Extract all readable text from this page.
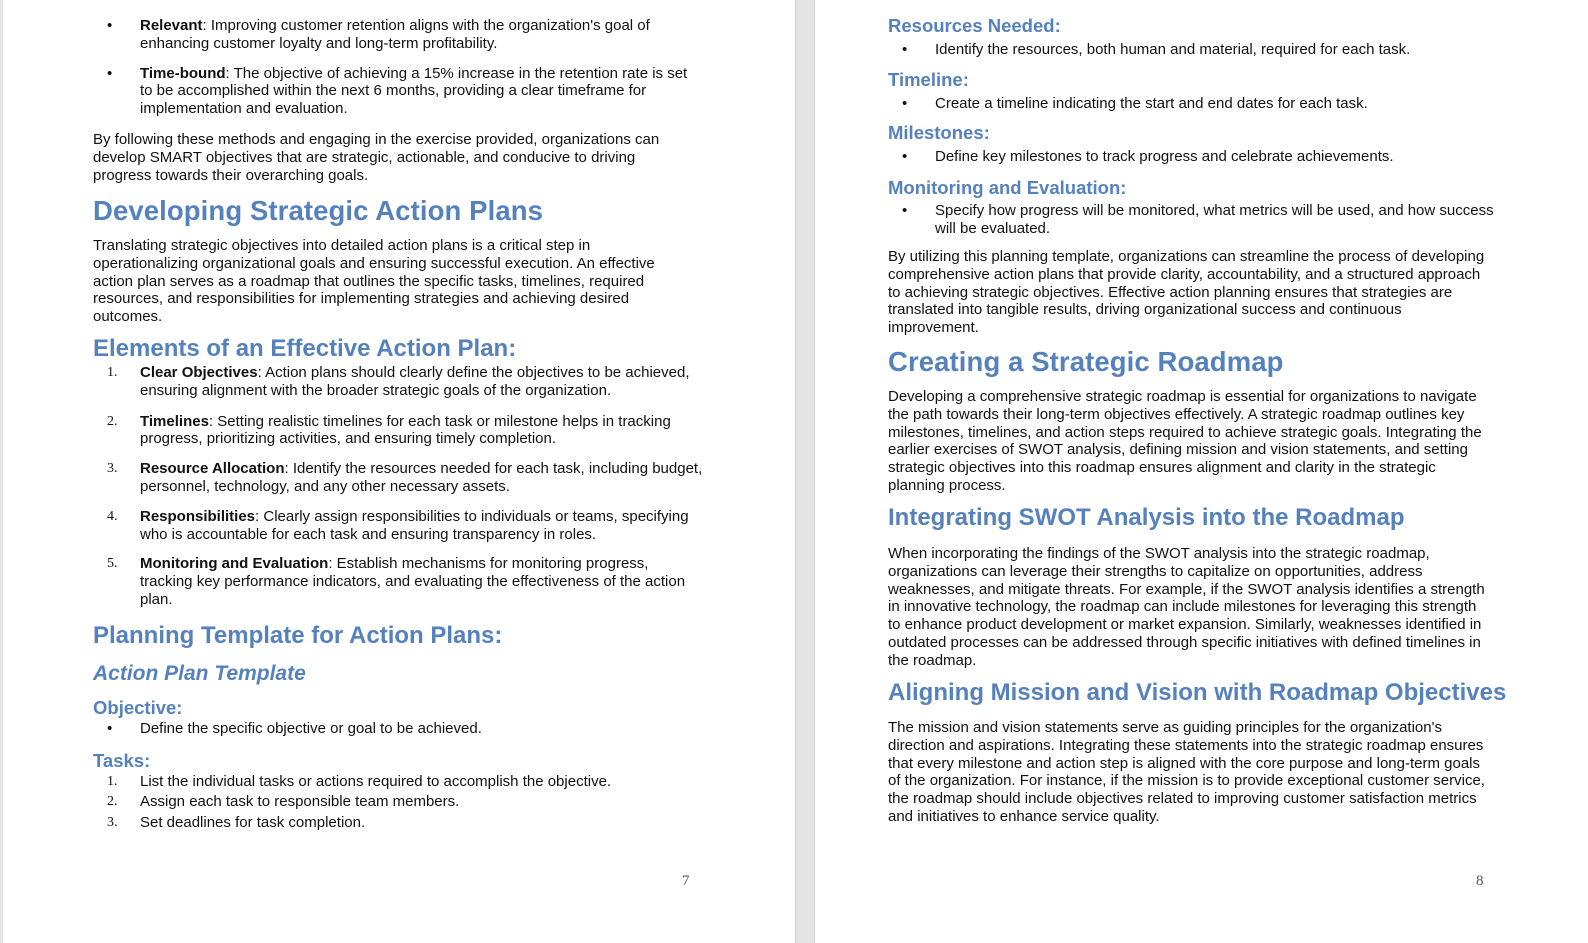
• Relevant: Improving customer retention aligns with the organization's goal of enhancing customer loyalty and long-term profitability.
• Time-bound: The objective of achieving a 15% increase in the retention rate is set to be accomplished within the next 6 months, providing a clear timeframe for implementation and evaluation.

By following these methods and engaging in the exercise provided, organizations can develop SMART objectives that are strategic, actionable, and conducive to driving progress towards their overarching goals.

Developing Strategic Action Plans

Translating strategic objectives into detailed action plans is a critical step in operationalizing organizational goals and ensuring successful execution. An effective action plan serves as a roadmap that outlines the specific tasks, timelines, required resources, and responsibilities for implementing strategies and achieving desired outcomes.

Elements of an Effective Action Plan:
1. Clear Objectives: Action plans should clearly define the objectives to be achieved, ensuring alignment with the broader strategic goals of the organization.
2. Timelines: Setting realistic timelines for each task or milestone helps in tracking progress, prioritizing activities, and ensuring timely completion.
3. Resource Allocation: Identify the resources needed for each task, including budget, personnel, technology, and any other necessary assets.
4. Responsibilities: Clearly assign responsibilities to individuals or teams, specifying who is accountable for each task and ensuring transparency in roles.
5. Monitoring and Evaluation: Establish mechanisms for monitoring progress, tracking key performance indicators, and evaluating the effectiveness of the action plan.
Planning Template for Action Plans:
Action Plan Template
Objective:
• Define the specific objective or goal to be achieved.
Tasks:
1. List the individual tasks or actions required to accomplish the objective.
2. Assign each task to responsible team members.
3. Set deadlines for task completion.
7
Resources Needed:
• Identify the resources, both human and material, required for each task.
Timeline:
• Create a timeline indicating the start and end dates for each task.
Milestones:
• Define key milestones to track progress and celebrate achievements.
Monitoring and Evaluation:
• Specify how progress will be monitored, what metrics will be used, and how success will be evaluated.

By utilizing this planning template, organizations can streamline the process of developing comprehensive action plans that provide clarity, accountability, and a structured approach to achieving strategic objectives. Effective action planning ensures that strategies are translated into tangible results, driving organizational success and continuous improvement.

Creating a Strategic Roadmap

Developing a comprehensive strategic roadmap is essential for organizations to navigate the path towards their long-term objectives effectively. A strategic roadmap outlines key milestones, timelines, and action steps required to achieve strategic goals. Integrating the earlier exercises of SWOT analysis, defining mission and vision statements, and setting strategic objectives into this roadmap ensures alignment and clarity in the strategic planning process.

Integrating SWOT Analysis into the Roadmap

When incorporating the findings of the SWOT analysis into the strategic roadmap, organizations can leverage their strengths to capitalize on opportunities, address weaknesses, and mitigate threats. For example, if the SWOT analysis identifies a strength in innovative technology, the roadmap can include milestones for leveraging this strength to enhance product development or market expansion. Similarly, weaknesses identified in outdated processes can be addressed through specific initiatives with defined timelines in the roadmap.

Aligning Mission and Vision with Roadmap Objectives

The mission and vision statements serve as guiding principles for the organization's direction and aspirations. Integrating these statements into the strategic roadmap ensures that every milestone and action step is aligned with the core purpose and long-term goals of the organization. For instance, if the mission is to provide exceptional customer service, the roadmap should include objectives related to improving customer satisfaction metrics and initiatives to enhance service quality.

8
